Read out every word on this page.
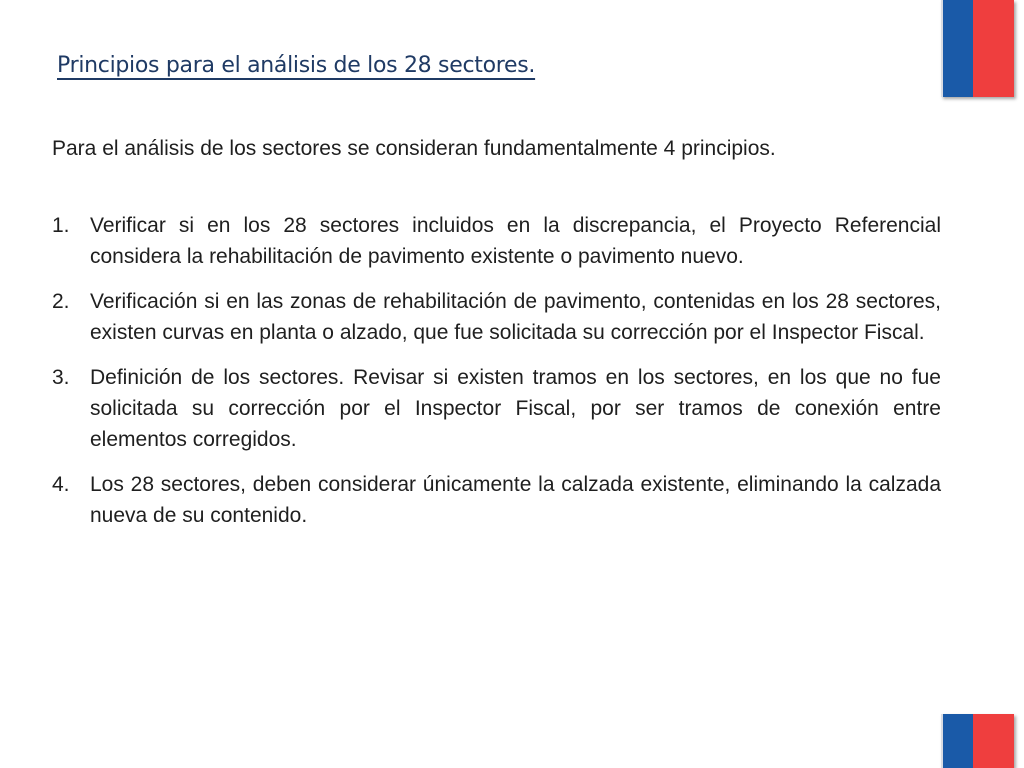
Principios para el análisis de los 28 sectores.

Para el análisis de los sectores se consideran fundamentalmente 4 principios.

1. Verificar si en los 28 sectores incluidos en la discrepancia, el Proyecto Referencial considera la rehabilitación de pavimento existente o pavimento nuevo.
2. Verificación si en las zonas de rehabilitación de pavimento, contenidas en los 28 sectores, existen curvas en planta o alzado, que fue solicitada su corrección por el Inspector Fiscal.
3. Definición de los sectores. Revisar si existen tramos en los sectores, en los que no fue solicitada su corrección por el Inspector Fiscal, por ser tramos de conexión entre elementos corregidos.
4. Los 28 sectores, deben considerar únicamente la calzada existente, eliminando la calzada nueva de su contenido.
